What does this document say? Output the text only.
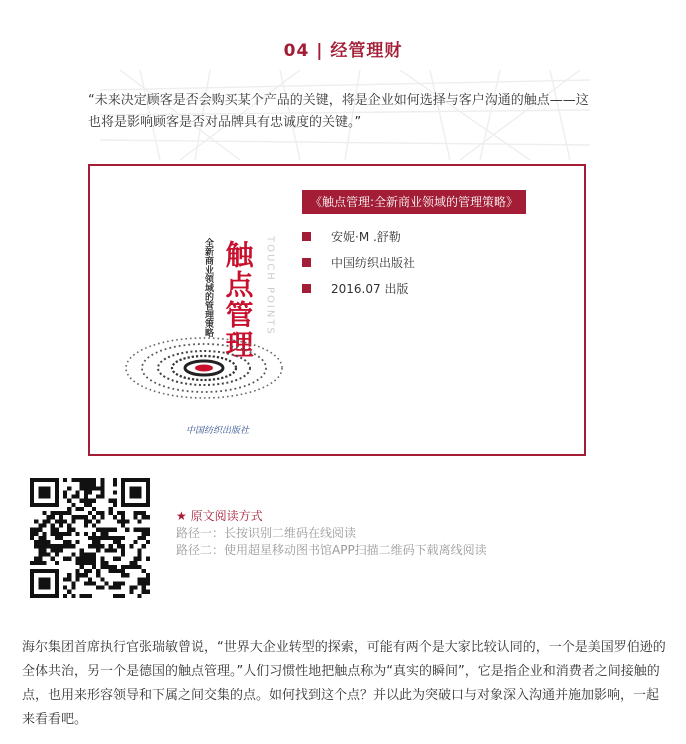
04 | 经管理财
“未来决定顾客是否会购买某个产品的关键，将是企业如何选择与客户沟通的触点——这也将是影响顾客是否对品牌具有忠诚度的关键。”
触点管理
全新商业领域的管理策略	TOUCH POINTS
中国纺织出版社
《触点管理:全新商业领域的管理策略》
安妮·M .舒勒
中国纺织出版社
2016.07 出版
★ 原文阅读方式
路径一：长按识别二维码在线阅读
路径二：使用超星移动图书馆APP扫描二维码下载离线阅读
海尔集团首席执行官张瑞敏曾说，“世界大企业转型的探索，可能有两个是大家比较认同的，一个是美国罗伯逊的全体共治，另一个是德国的触点管理。”人们习惯性地把触点称为“真实的瞬间”，它是指企业和消费者之间接触的点，也用来形容领导和下属之间交集的点。如何找到这个点？并以此为突破口与对象深入沟通并施加影响，一起来看看吧。
